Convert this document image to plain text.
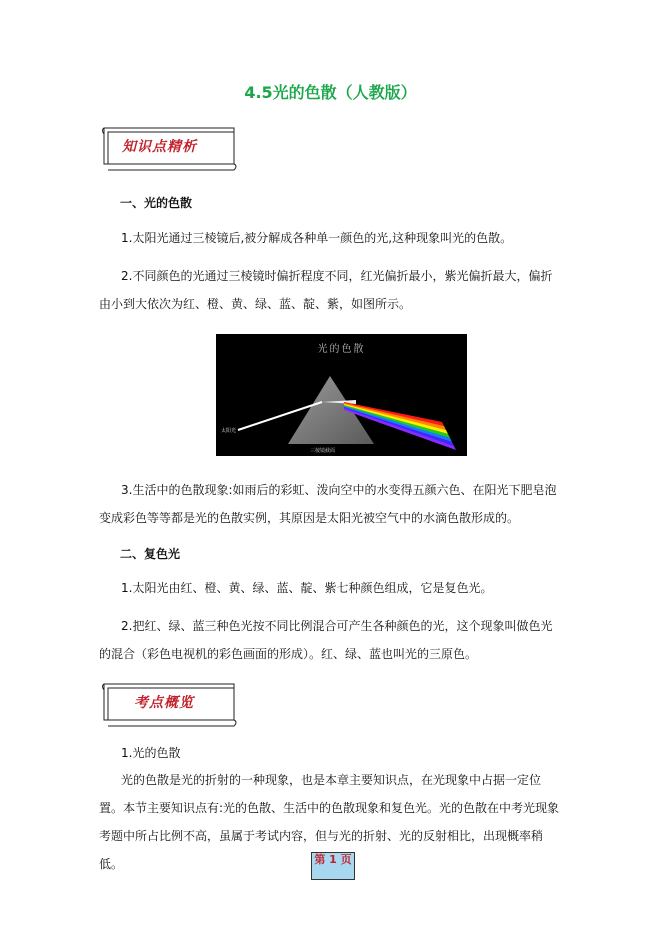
4.5光的色散（人教版）
知识点精析
一、光的色散
1.太阳光通过三棱镜后,被分解成各种单一颜色的光,这种现象叫光的色散。
2.不同颜色的光通过三棱镜时偏折程度不同，红光偏折最小，紫光偏折最大，偏折由小到大依次为红、橙、黄、绿、蓝、靛、紫，如图所示。
光的色散
太阳光
三棱镜截面
3.生活中的色散现象:如雨后的彩虹、泼向空中的水变得五颜六色、在阳光下肥皂泡变成彩色等等都是光的色散实例，其原因是太阳光被空气中的水滴色散形成的。
二、复色光
1.太阳光由红、橙、黄、绿、蓝、靛、紫七种颜色组成，它是复色光。
2.把红、绿、蓝三种色光按不同比例混合可产生各种颜色的光，这个现象叫做色光的混合（彩色电视机的彩色画面的形成）。红、绿、蓝也叫光的三原色。
考点概览
1.光的色散
光的色散是光的折射的一种现象，也是本章主要知识点，在光现象中占据一定位置。本节主要知识点有:光的色散、生活中的色散现象和复色光。光的色散在中考光现象考题中所占比例不高，虽属于考试内容，但与光的折射、光的反射相比，出现概率稍低。	第 1 页
